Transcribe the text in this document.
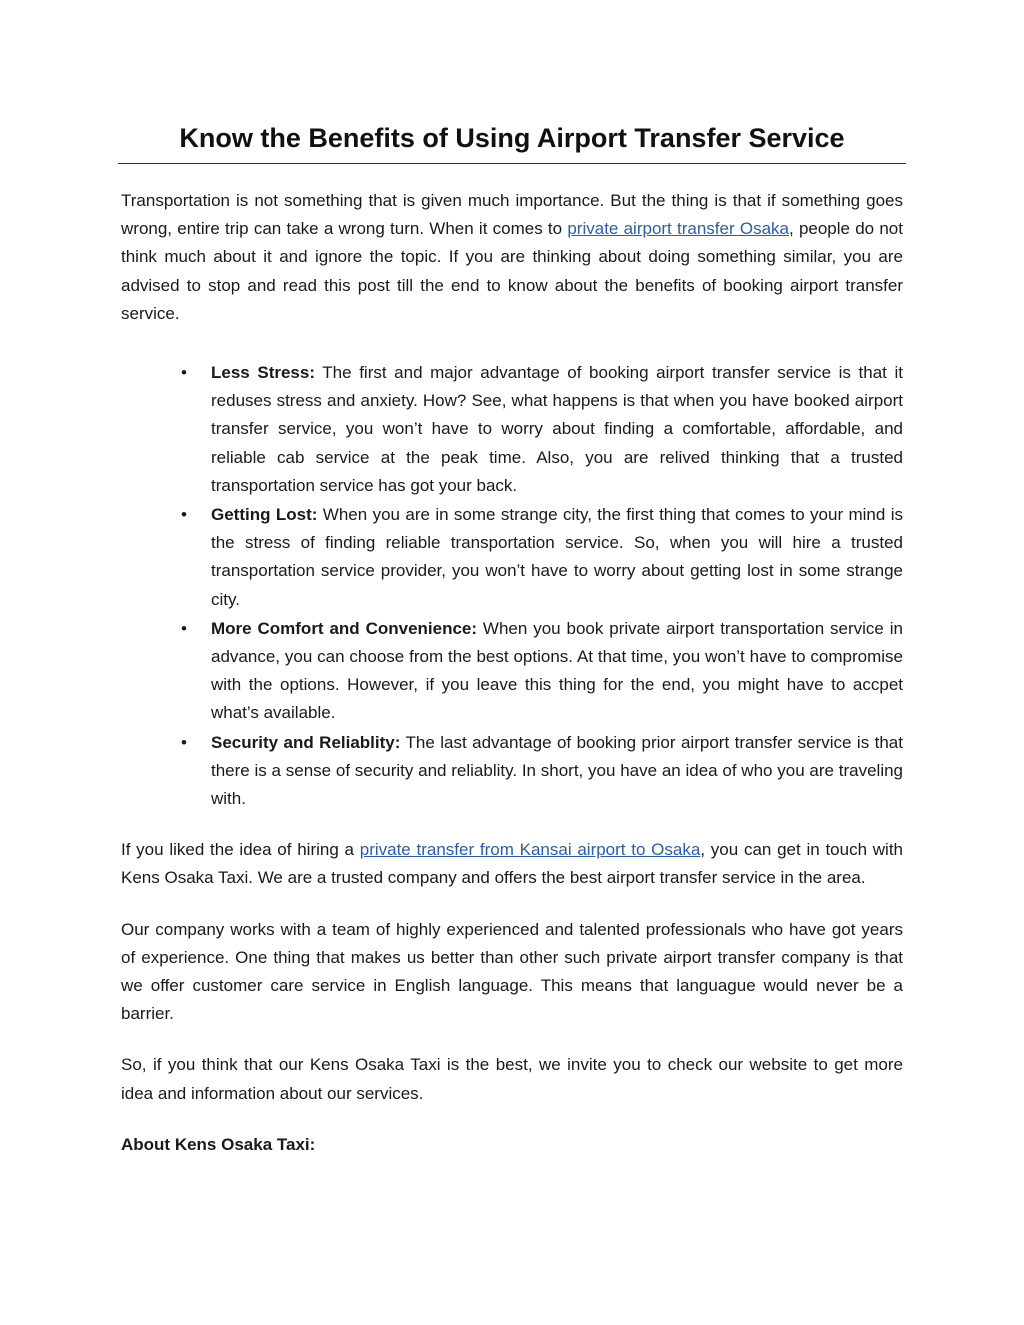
Know the Benefits of Using Airport Transfer Service

Transportation is not something that is given much importance. But the thing is that if something goes wrong, entire trip can take a wrong turn. When it comes to private airport transfer Osaka, people do not think much about it and ignore the topic. If you are thinking about doing something similar, you are advised to stop and read this post till the end to know about the benefits of booking airport transfer service.

• Less Stress: The first and major advantage of booking airport transfer service is that it reduses stress and anxiety. How? See, what happens is that when you have booked airport transfer service, you won’t have to worry about finding a comfortable, affordable, and reliable cab service at the peak time. Also, you are relived thinking that a trusted transportation service has got your back.
• Getting Lost: When you are in some strange city, the first thing that comes to your mind is the stress of finding reliable transportation service. So, when you will hire a trusted transportation service provider, you won’t have to worry about getting lost in some strange city.
• More Comfort and Convenience: When you book private airport transportation service in advance, you can choose from the best options. At that time, you won’t have to compromise with the options. However, if you leave this thing for the end, you might have to accpet what’s available.
• Security and Reliablity: The last advantage of booking prior airport transfer service is that there is a sense of security and reliablity. In short, you have an idea of who you are traveling with.

If you liked the idea of hiring a private transfer from Kansai airport to Osaka, you can get in touch with Kens Osaka Taxi. We are a trusted company and offers the best airport transfer service in the area.

Our company works with a team of highly experienced and talented professionals who have got years of experience. One thing that makes us better than other such private airport transfer company is that we offer customer care service in English language. This means that languague would never be a barrier.

So, if you think that our Kens Osaka Taxi is the best, we invite you to check our website to get more idea and information about our services.

About Kens Osaka Taxi:
